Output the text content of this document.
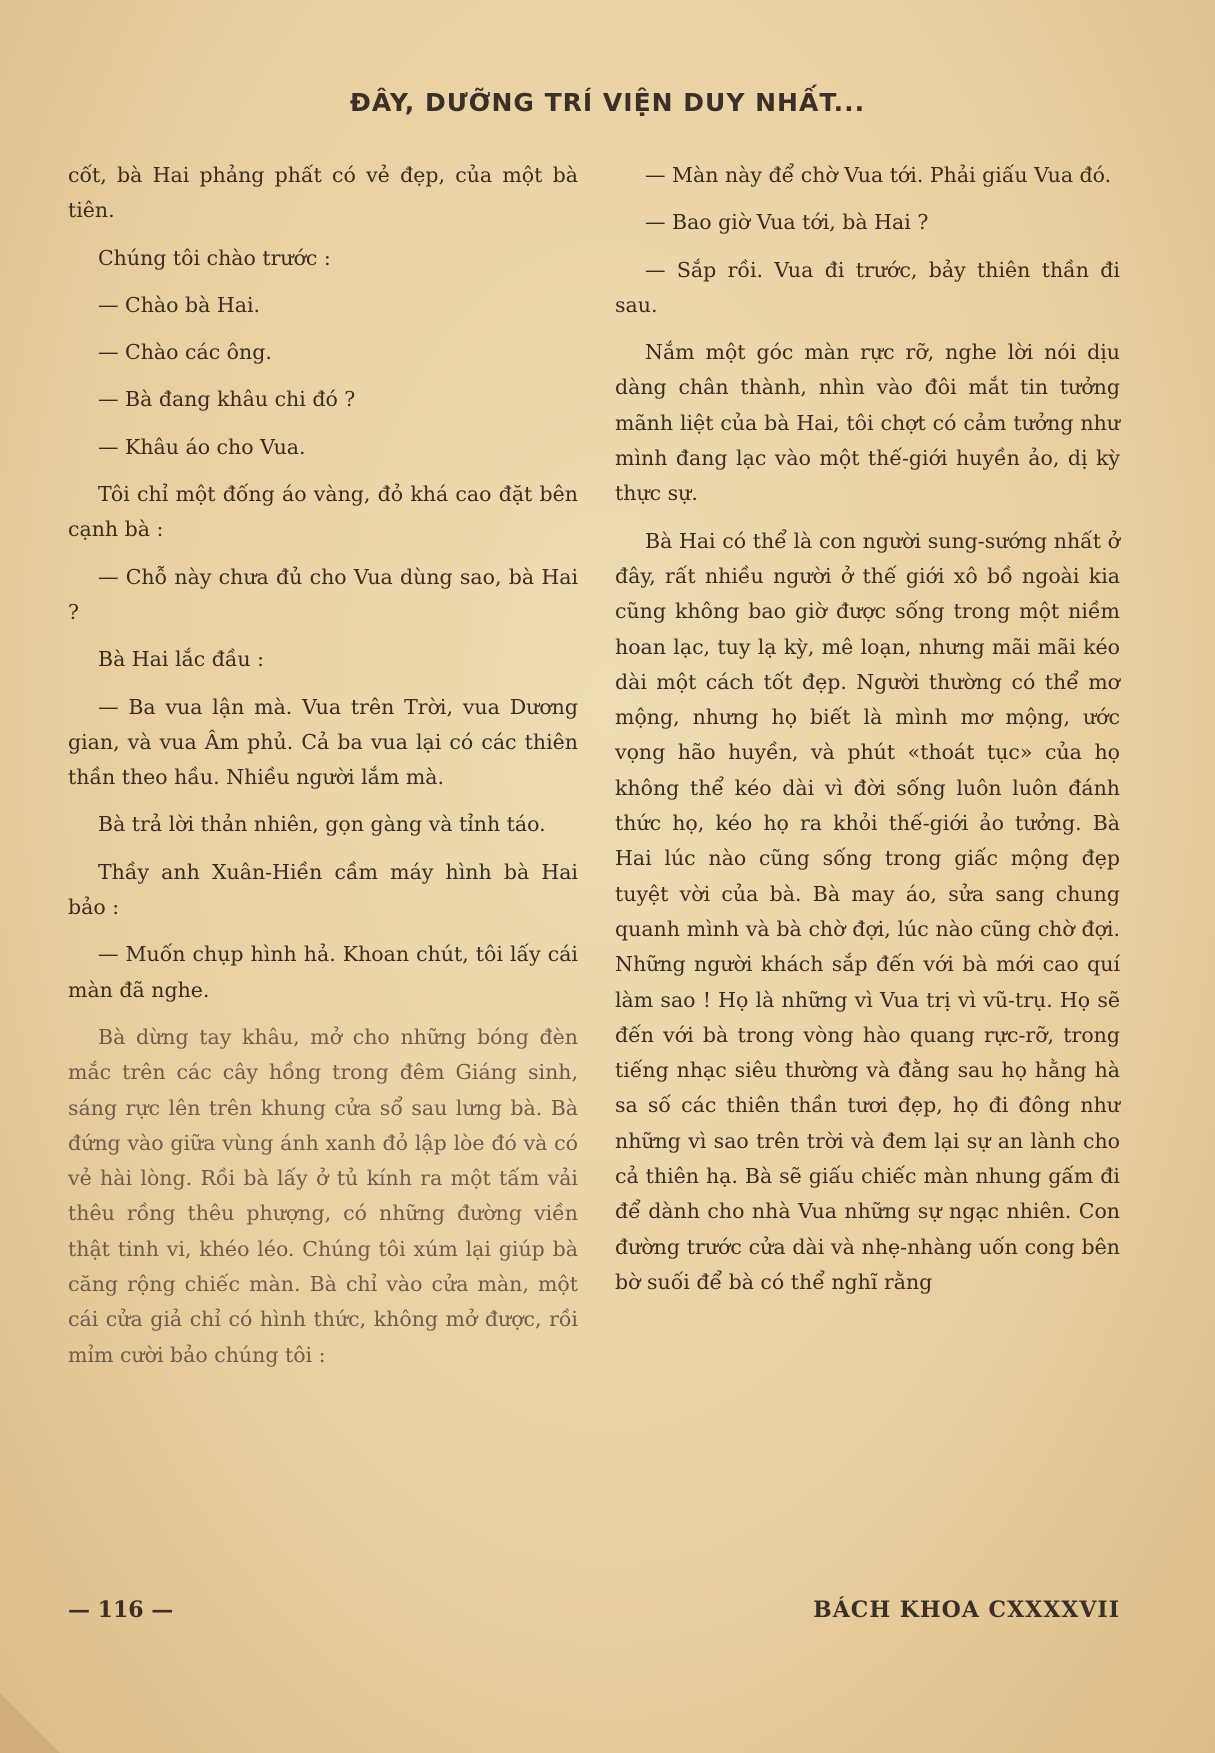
ĐÂY, DƯỠNG TRÍ VIỆN DUY NHẤT...

cốt, bà Hai phảng phất có vẻ đẹp, của một bà tiên.

Chúng tôi chào trước :

— Chào bà Hai.

— Chào các ông.

— Bà đang khâu chi đó ?

— Khâu áo cho Vua.

Tôi chỉ một đống áo vàng, đỏ khá cao đặt bên cạnh bà :

— Chỗ này chưa đủ cho Vua dùng sao, bà Hai ?

Bà Hai lắc đầu :

— Ba vua lận mà. Vua trên Trời, vua Dương gian, và vua Âm phủ. Cả ba vua lại có các thiên thần theo hầu. Nhiều người lắm mà.

Bà trả lời thản nhiên, gọn gàng và tỉnh táo.

Thầy anh Xuân-Hiền cầm máy hình bà Hai bảo :

— Muốn chụp hình hả. Khoan chút, tôi lấy cái màn đã nghe.

Bà dừng tay khâu, mở cho những bóng đèn mắc trên các cây hồng trong đêm Giáng sinh, sáng rực lên trên khung cửa sổ sau lưng bà. Bà đứng vào giữa vùng ánh xanh đỏ lập lòe đó và có vẻ hài lòng. Rồi bà lấy ở tủ kính ra một tấm vải thêu rồng thêu phượng, có những đường viền thật tinh vi, khéo léo. Chúng tôi xúm lại giúp bà căng rộng chiếc màn. Bà chỉ vào cửa màn, một cái cửa giả chỉ có hình thức, không mở được, rồi mỉm cười bảo chúng tôi :

— Màn này để chờ Vua tới. Phải giấu Vua đó.

— Bao giờ Vua tới, bà Hai ?

— Sắp rồi. Vua đi trước, bảy thiên thần đi sau.

Nắm một góc màn rực rỡ, nghe lời nói dịu dàng chân thành, nhìn vào đôi mắt tin tưởng mãnh liệt của bà Hai, tôi chợt có cảm tưởng như mình đang lạc vào một thế-giới huyền ảo, dị kỳ thực sự.

Bà Hai có thể là con người sung-sướng nhất ở đây, rất nhiều người ở thế giới xô bồ ngoài kia cũng không bao giờ được sống trong một niềm hoan lạc, tuy lạ kỳ, mê loạn, nhưng mãi mãi kéo dài một cách tốt đẹp. Người thường có thể mơ mộng, nhưng họ biết là mình mơ mộng, ước vọng hão huyền, và phút «thoát tục» của họ không thể kéo dài vì đời sống luôn luôn đánh thức họ, kéo họ ra khỏi thế-giới ảo tưởng. Bà Hai lúc nào cũng sống trong giấc mộng đẹp tuyệt vời của bà. Bà may áo, sửa sang chung quanh mình và bà chờ đợi, lúc nào cũng chờ đợi. Những người khách sắp đến với bà mới cao quí làm sao ! Họ là những vì Vua trị vì vũ-trụ. Họ sẽ đến với bà trong vòng hào quang rực-rỡ, trong tiếng nhạc siêu thường và đằng sau họ hằng hà sa số các thiên thần tươi đẹp, họ đi đông như những vì sao trên trời và đem lại sự an lành cho cả thiên hạ. Bà sẽ giấu chiếc màn nhung gấm đi để dành cho nhà Vua những sự ngạc nhiên. Con đường trước cửa dài và nhẹ-nhàng uốn cong bên bờ suối để bà có thể nghĩ rằng

— 116 —	BÁCH KHOA CXXXXVII
